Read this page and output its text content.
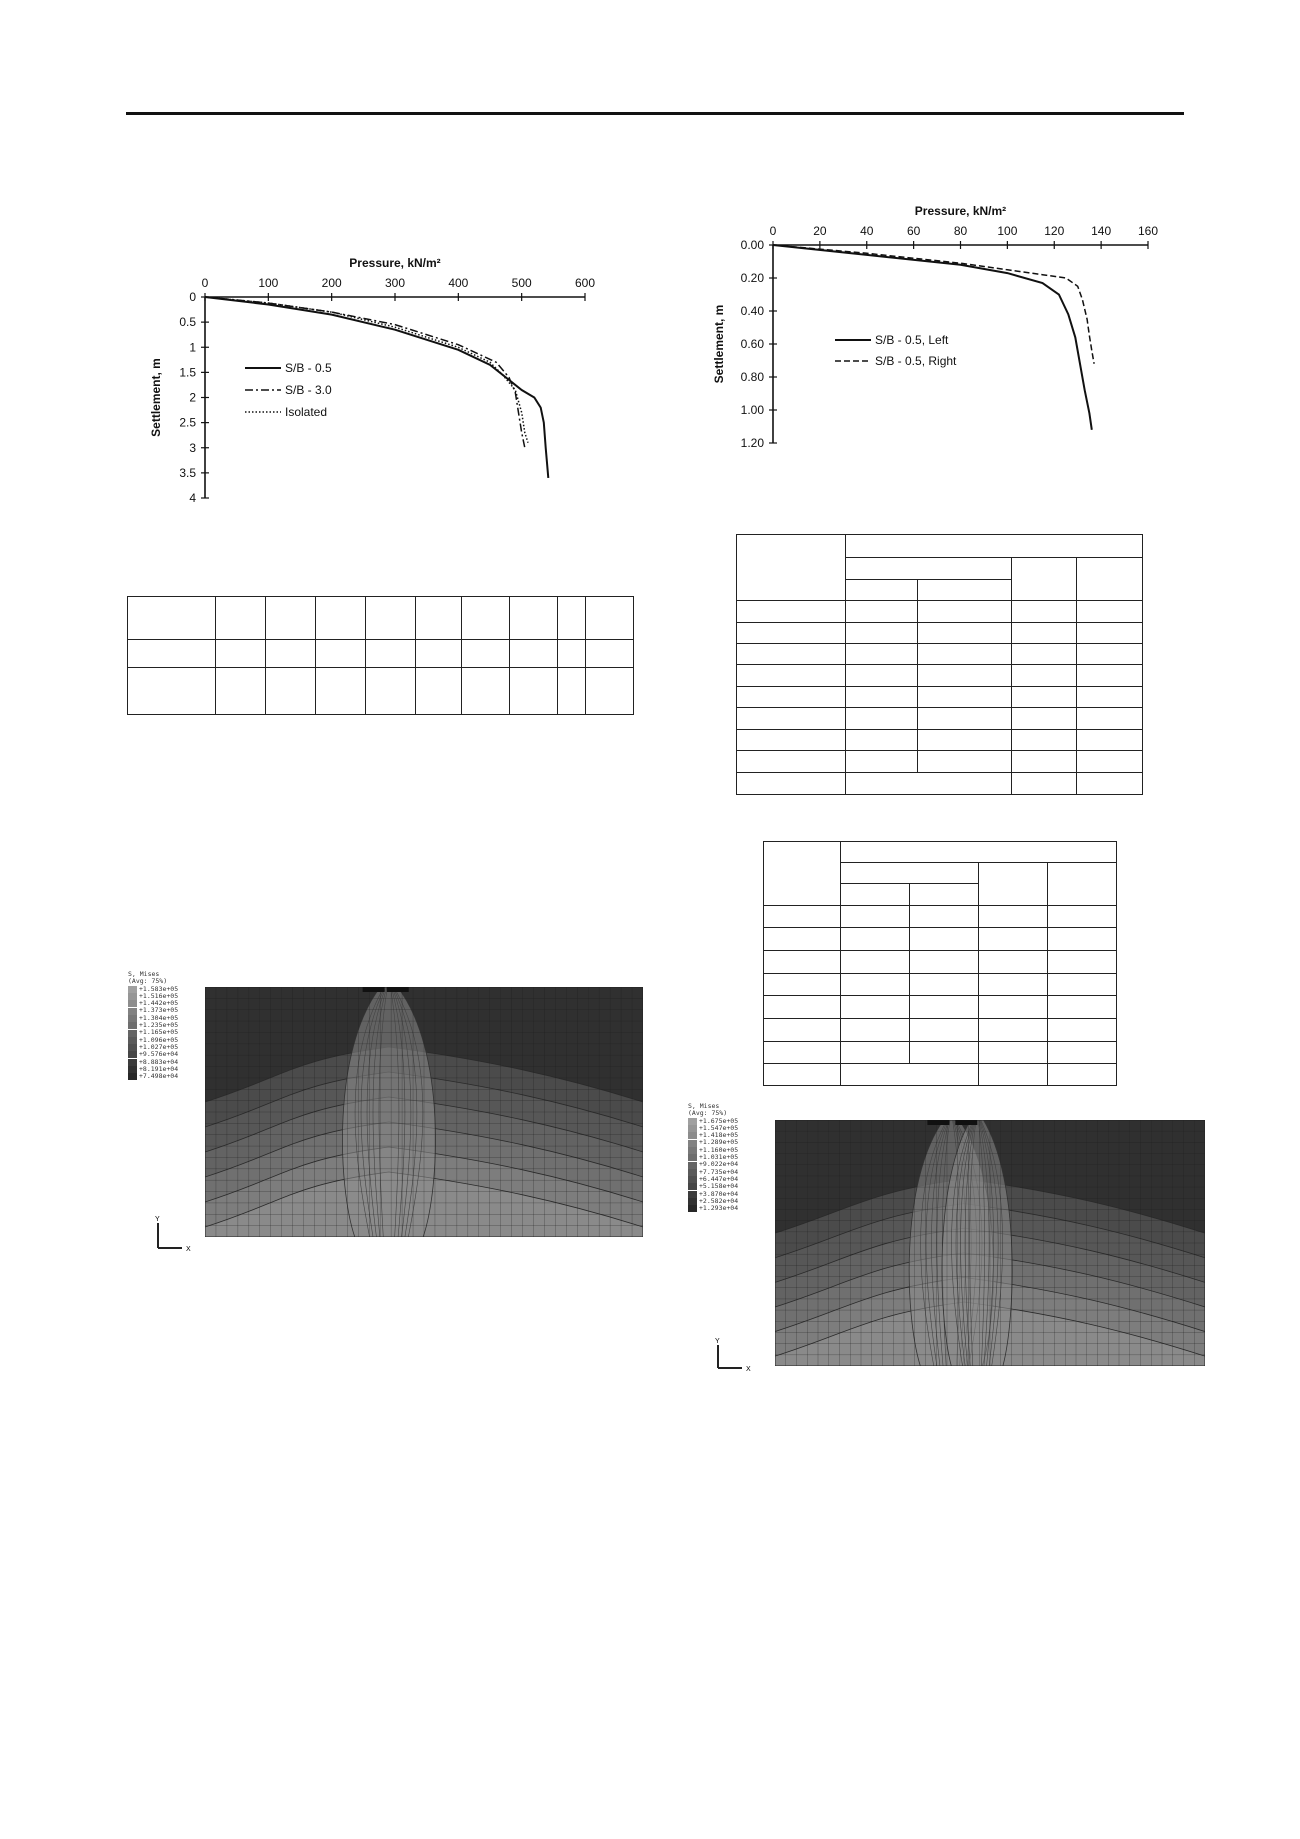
0	100	200	300	400	500	600
0
0.5
1
1.5
2
2.5
3
3.5
4
Pressure, kN/m²
Settlement, m	S/B - 0.5
S/B - 3.0
Isolated
0	20	40	60	80	100 120 140 160
0.00
0.20
0.40
0.60
0.80
1.00
1.20
Pressure, kN/m²
Settlement, m	S/B - 0.5, Left
S/B - 0.5, Right

S, Mises
(Avg: 75%)
+1.583e+05
+1.516e+05
+1.442e+05
+1.373e+05
+1.304e+05
+1.235e+05
+1.165e+05
+1.096e+05
+1.027e+05
+9.576e+04
+8.883e+04
+8.191e+04
+7.498e+04
Y
X
S, Mises
(Avg: 75%)
+1.675e+05
+1.547e+05
+1.418e+05
+1.289e+05
+1.160e+05
+1.031e+05
+9.022e+04
+7.735e+04
+6.447e+04
+5.158e+04
+3.870e+04
+2.582e+04
+1.293e+04
Y
X
